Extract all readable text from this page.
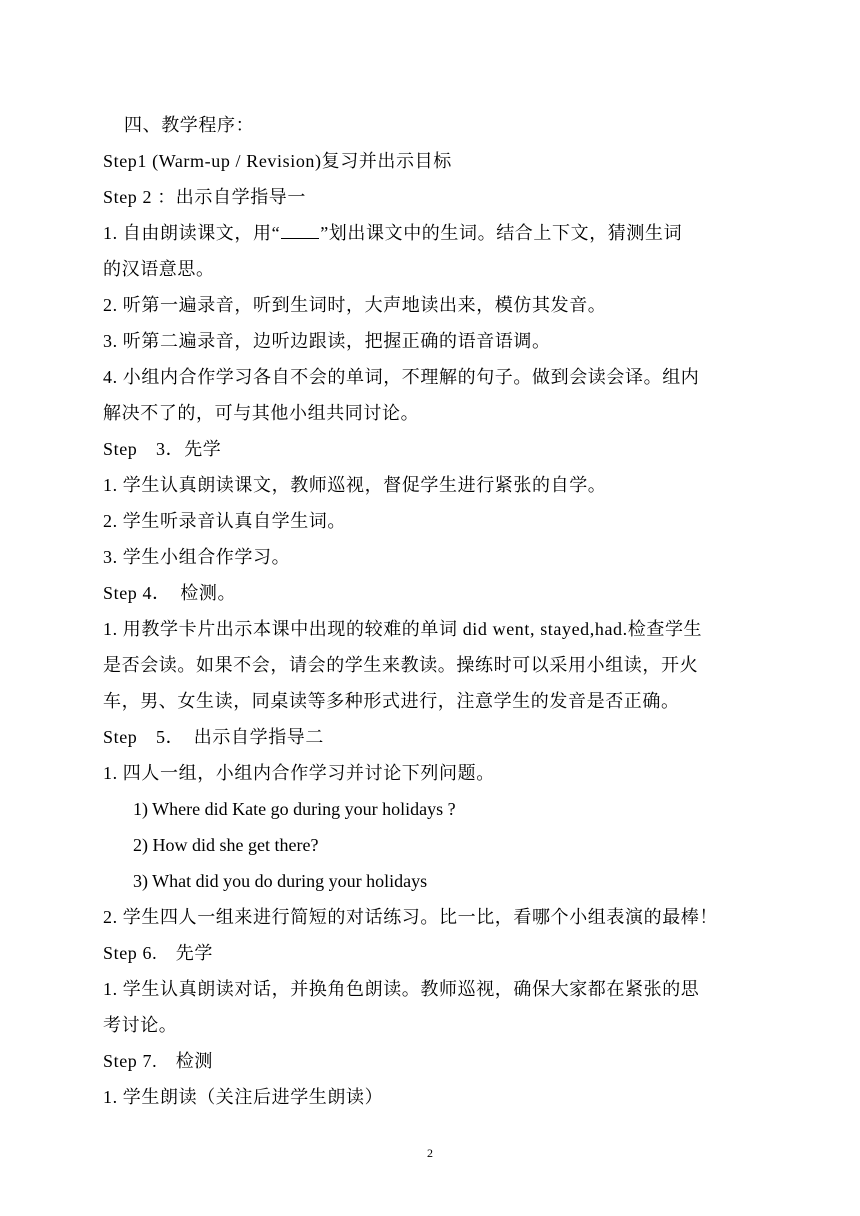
四、教学程序：
Step1 (Warm-up / Revision)复习并出示目标
Step 2 ：出示自学指导一
1. 自由朗读课文，用“ ”划出课文中的生词。结合上下文，猜测生词
的汉语意思。
2. 听第一遍录音，听到生词时，大声地读出来，模仿其发音。
3. 听第二遍录音，边听边跟读，把握正确的语音语调。
4. 小组内合作学习各自不会的单词，不理解的句子。做到会读会译。组内
解决不了的，可与其他小组共同讨论。
Step　3．先学
1. 学生认真朗读课文，教师巡视，督促学生进行紧张的自学。
2. 学生听录音认真自学生词。
3. 学生小组合作学习。
Step 4．　检测。
1. 用教学卡片出示本课中出现的较难的单词 did went, stayed,had.检查学生
是否会读。如果不会，请会的学生来教读。操练时可以采用小组读，开火
车，男、女生读，同桌读等多种形式进行，注意学生的发音是否正确。
Step　5．　出示自学指导二
1. 四人一组，小组内合作学习并讨论下列问题。
1) Where did Kate go during your holidays ?
2) How did she get there?
3) What did you do during your holidays
2. 学生四人一组来进行简短的对话练习。比一比，看哪个小组表演的最棒！
Step 6.　先学
1. 学生认真朗读对话，并换角色朗读。教师巡视，确保大家都在紧张的思
考讨论。
Step 7.　检测
1. 学生朗读（关注后进学生朗读）
2
